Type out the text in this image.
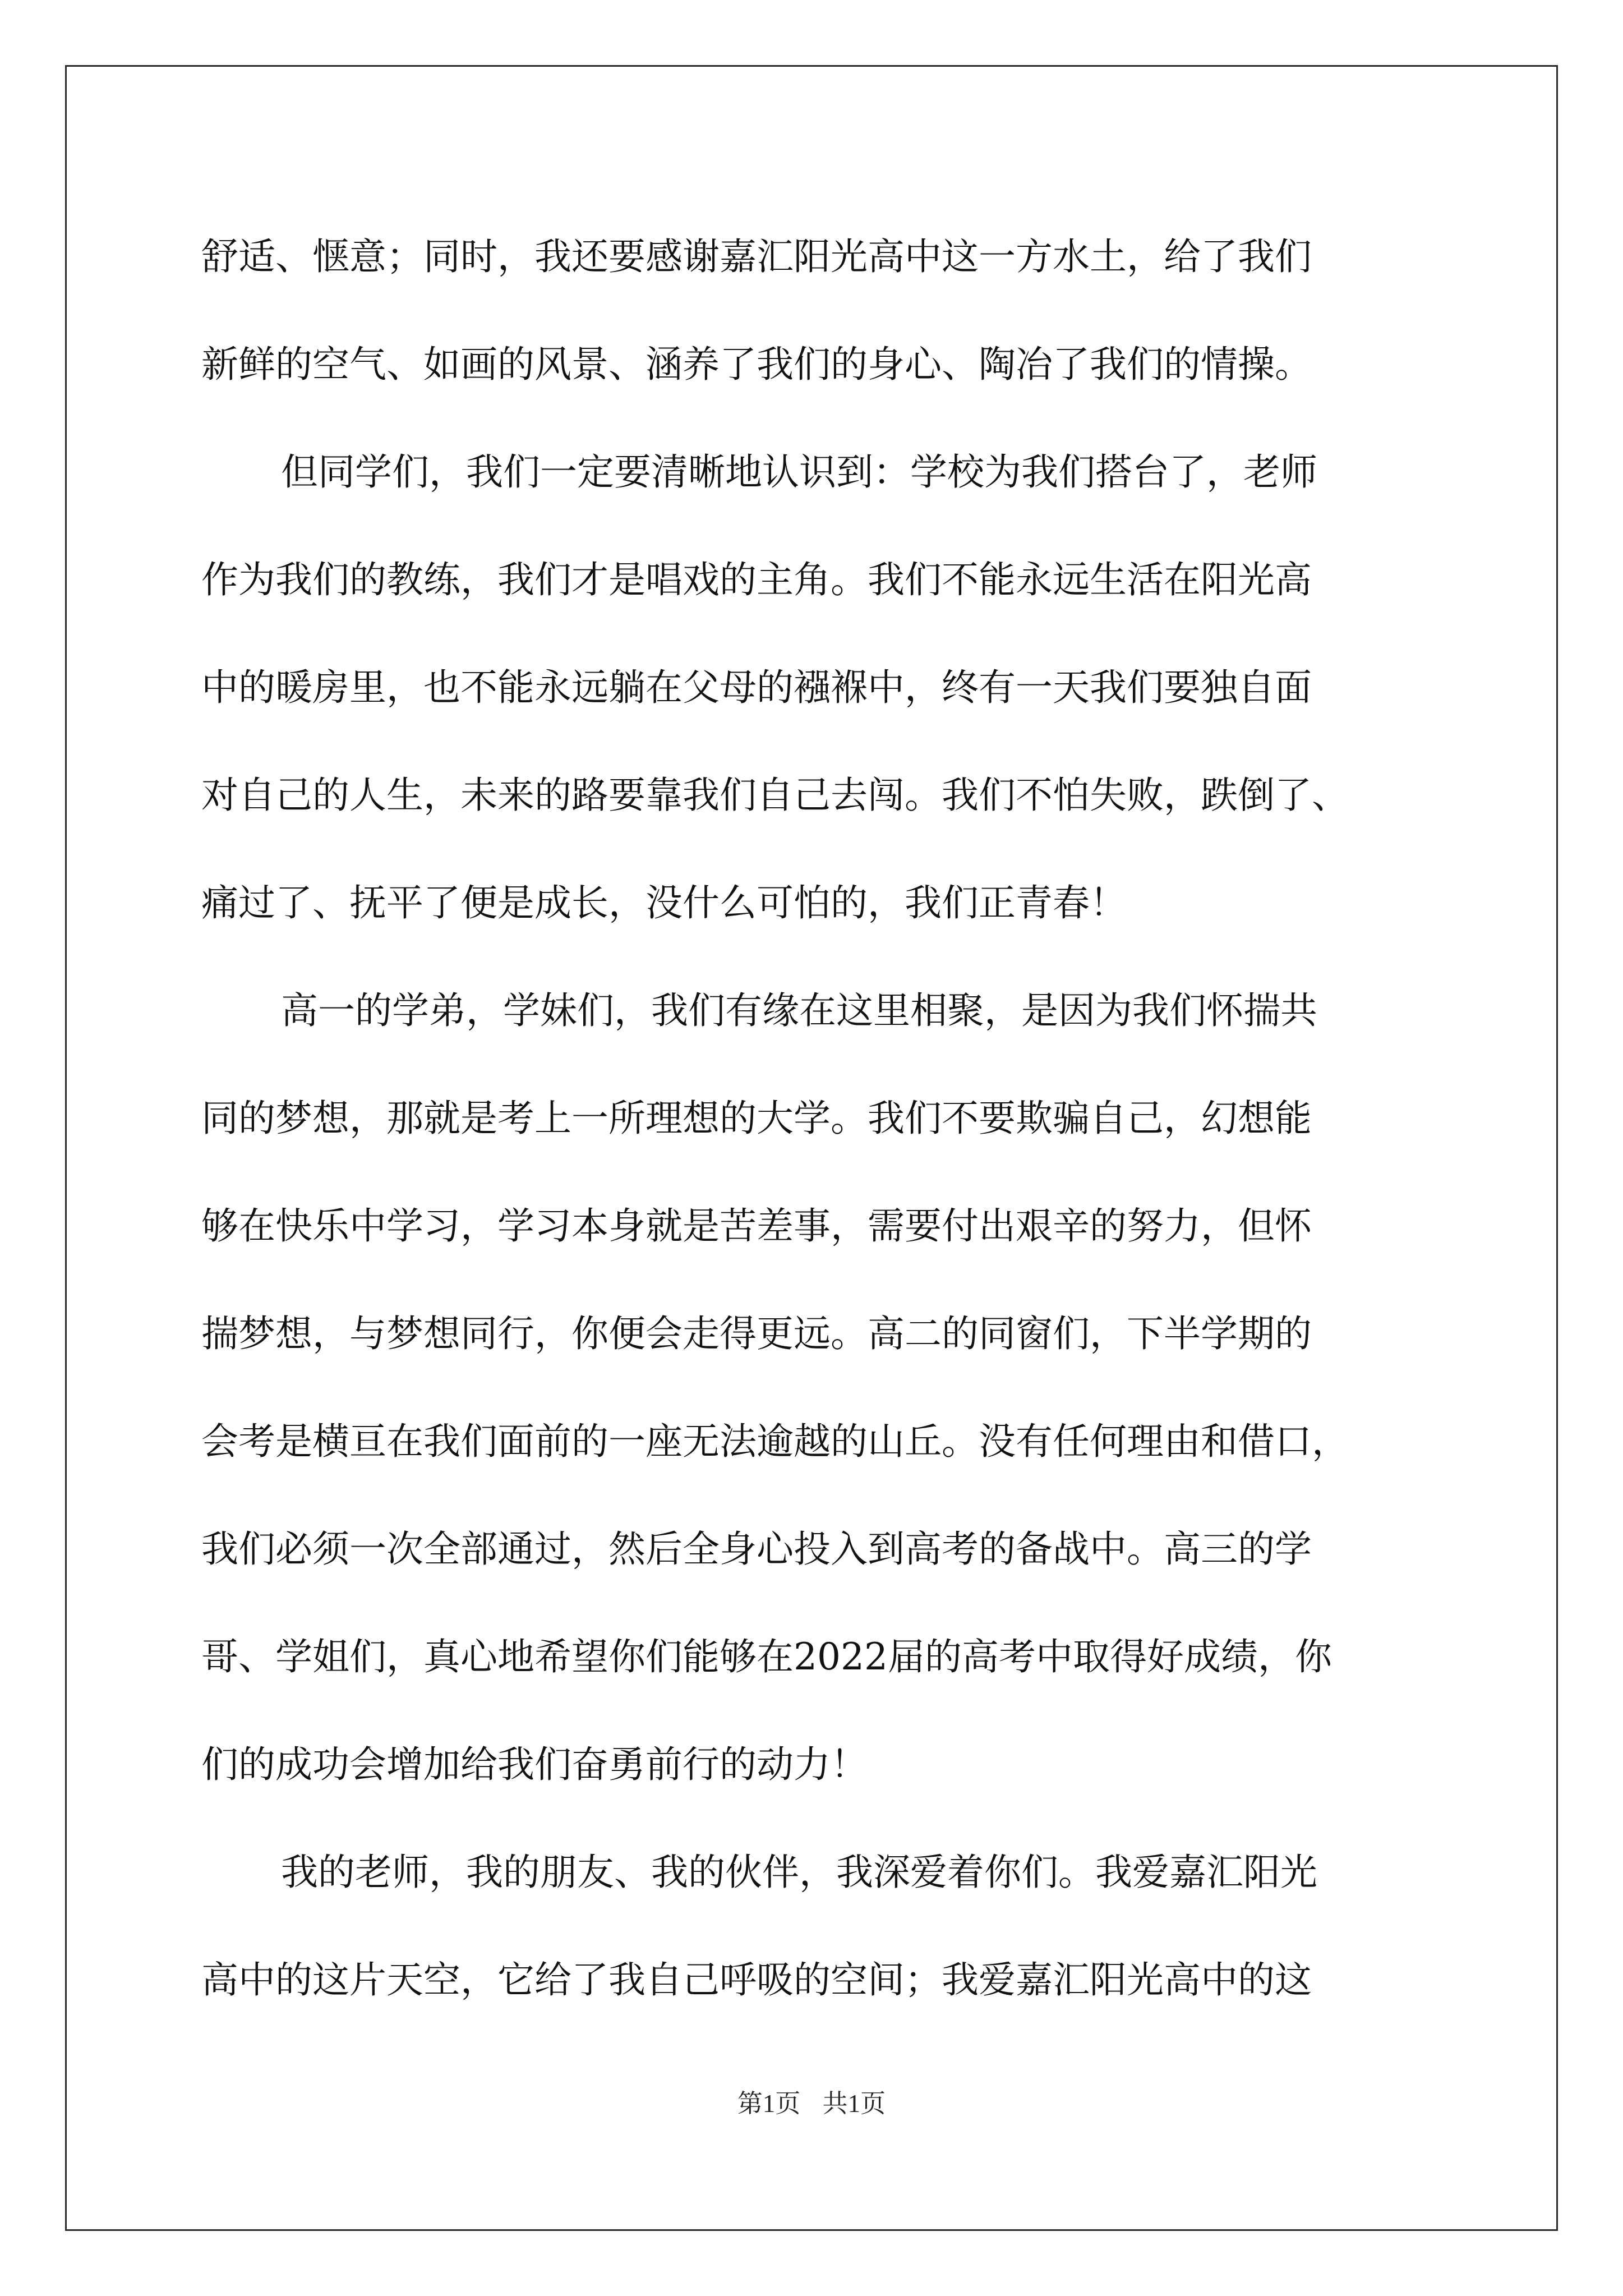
舒适、惬意；同时，我还要感谢嘉汇阳光高中这一方水土，给了我们
新鲜的空气、如画的风景、涵养了我们的身心、陶冶了我们的情操。
但同学们，我们一定要清晰地认识到：学校为我们搭台了，老师
作为我们的教练，我们才是唱戏的主角。我们不能永远生活在阳光高
中的暖房里，也不能永远躺在父母的襁褓中，终有一天我们要独自面
对自己的人生，未来的路要靠我们自己去闯。我们不怕失败，跌倒了、
痛过了、抚平了便是成长，没什么可怕的，我们正青春！
高一的学弟，学妹们，我们有缘在这里相聚，是因为我们怀揣共
同的梦想，那就是考上一所理想的大学。我们不要欺骗自己，幻想能
够在快乐中学习，学习本身就是苦差事，需要付出艰辛的努力，但怀
揣梦想，与梦想同行，你便会走得更远。高二的同窗们，下半学期的
会考是横亘在我们面前的一座无法逾越的山丘。没有任何理由和借口，
我们必须一次全部通过，然后全身心投入到高考的备战中。高三的学
哥、学姐们，真心地希望你们能够在2022届的高考中取得好成绩，你
们的成功会增加给我们奋勇前行的动力！
我的老师，我的朋友、我的伙伴，我深爱着你们。我爱嘉汇阳光
高中的这片天空，它给了我自己呼吸的空间；我爱嘉汇阳光高中的这
第1页 共1页
